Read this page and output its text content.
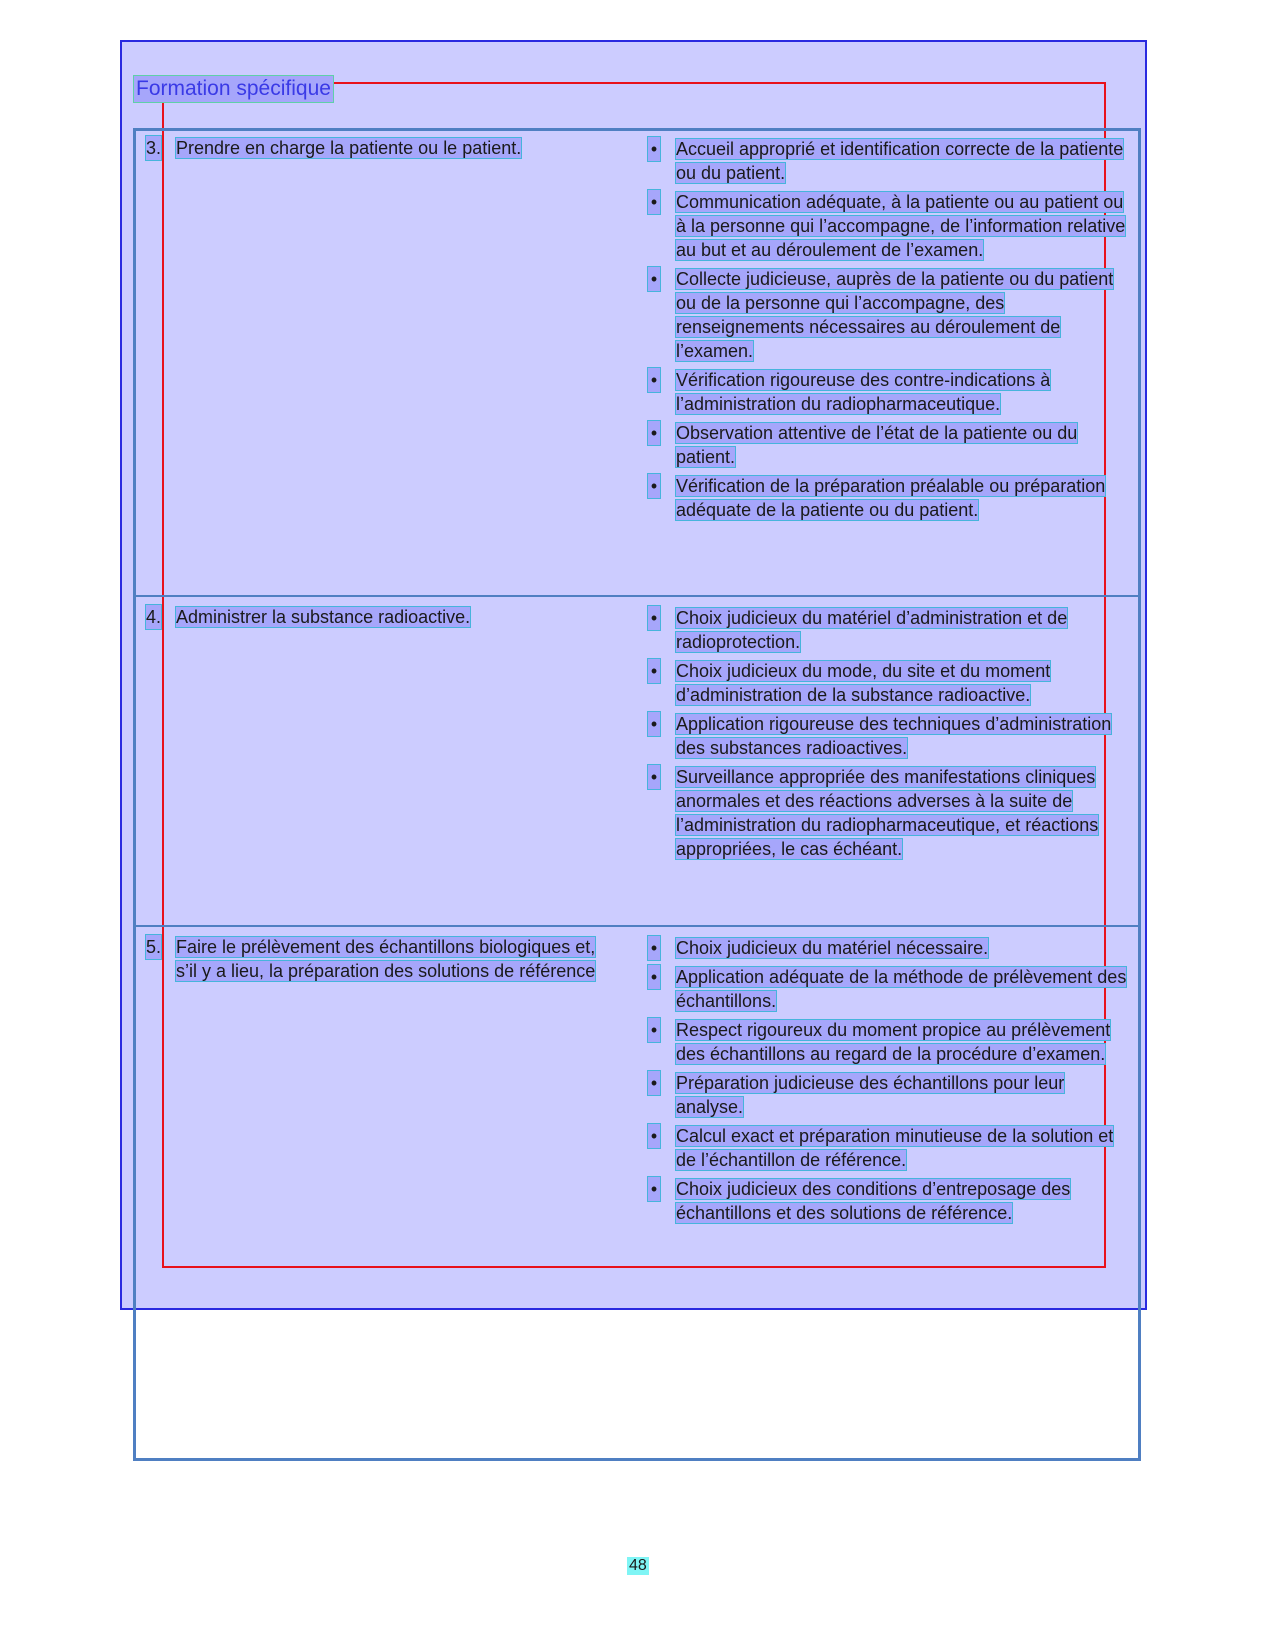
Formation spécifique
3. Prendre en charge la patiente ou le patient.	• Accueil approprié et identification correcte de la patiente ou du patient.
• Communication adéquate, à la patiente ou au patient ou à la personne qui l’accompagne, de l’information relative au but et au déroulement de l’examen.
• Collecte judicieuse, auprès de la patiente ou du patient ou de la personne qui l’accompagne, des renseignements nécessaires au déroulement de l’examen.
• Vérification rigoureuse des contre-indications à l’administration du radiopharmaceutique.
• Observation attentive de l’état de la patiente ou du patient.
• Vérification de la préparation préalable ou préparation adéquate de la patiente ou du patient.
4. Administrer la substance radioactive.	• Choix judicieux du matériel d’administration et de radioprotection.
• Choix judicieux du mode, du site et du moment d’administration de la substance radioactive.
• Application rigoureuse des techniques d’administration des substances radioactives.
• Surveillance appropriée des manifestations cliniques anormales et des réactions adverses à la suite de l’administration du radiopharmaceutique, et réactions appropriées, le cas échéant.
5. Faire le prélèvement des échantillons biologiques et, s’il y a lieu, la préparation des solutions de référence
• Choix judicieux du matériel nécessaire.
• Application adéquate de la méthode de prélèvement des échantillons.
• Respect rigoureux du moment propice au prélèvement des échantillons au regard de la procédure d’examen.
• Préparation judicieuse des échantillons pour leur analyse.
• Calcul exact et préparation minutieuse de la solution et de l’échantillon de référence.
• Choix judicieux des conditions d’entreposage des échantillons et des solutions de référence.
48
